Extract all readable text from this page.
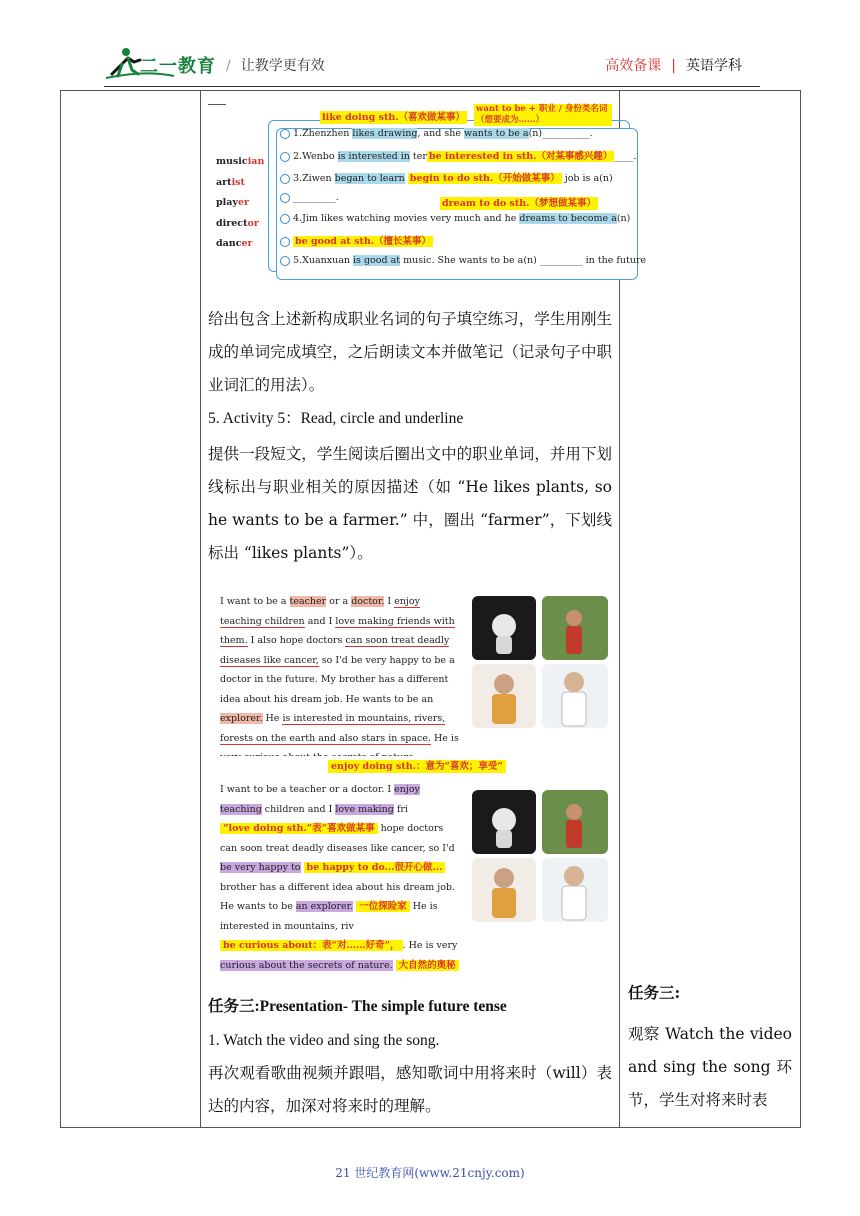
二一教育 / 让教学更有效	高效备课 | 英语学科

musician
artist
player
director
dancer
like doing sth.（喜欢做某事）
want to be + 职业 / 身份类名词（想要成为……）
1.Zhenzhen likes drawing, and she wants to be a(n)__________.
2.Wenbo is interested in ter be interested in sth.（对某事感兴趣） ____.
3.Ziwen began to learn begin to do sth.（开始做某事） job is a(n)
_________.
dream to do sth.（梦想做某事）
4.Jim likes watching movies very much and he dreams to become a(n)
be good at sth.（擅长某事）
5.Xuanxuan is good at music. She wants to be a(n) _________ in the future
给出包含上述新构成职业名词的句子填空练习，学生用刚生成的单词完成填空，之后朗读文本并做笔记（记录句子中职业词汇的用法）。
5. Activity 5：Read, circle and underline
提供一段短文，学生阅读后圈出文中的职业单词，并用下划线标出与职业相关的原因描述（如 “He likes plants, so he wants to be a farmer.” 中，圈出 “farmer”，下划线标出 “likes plants”）。
I want to be a teacher or a doctor. I enjoy teaching children and I love making friends with them. I also hope doctors can soon treat deadly diseases like cancer, so I'd be very happy to be a doctor in the future. My brother has a different idea about his dream job. He wants to be an explorer. He is interested in mountains, rivers, forests on the earth and also stars in space. He is
enjoy doing sth.：意为“喜欢；享受”
I want to be a teacher or a doctor. I enjoy teaching children and I love making fri “love doing sth.”表“喜欢做某事 hope doctors can soon treat deadly diseases like cancer, so I'd be very happy to be happy to do...很开心做... brother has a different idea about his dream job. He wants to be an explorer. 一位探险家 He is interested in mountains, riv be curious about：表“对……好奇”， . He is very curious about the secrets of nature. 大自然的奥秘
任务三:Presentation- The simple future tense
1. Watch the video and sing the song.
再次观看歌曲视频并跟唱，感知歌词中用将来时（will）表达的内容，加深对将来时的理解。
任务三:
观察 Watch the video and sing the song 环节，学生对将来时表
21 世纪教育网(www.21cnjy.com)
